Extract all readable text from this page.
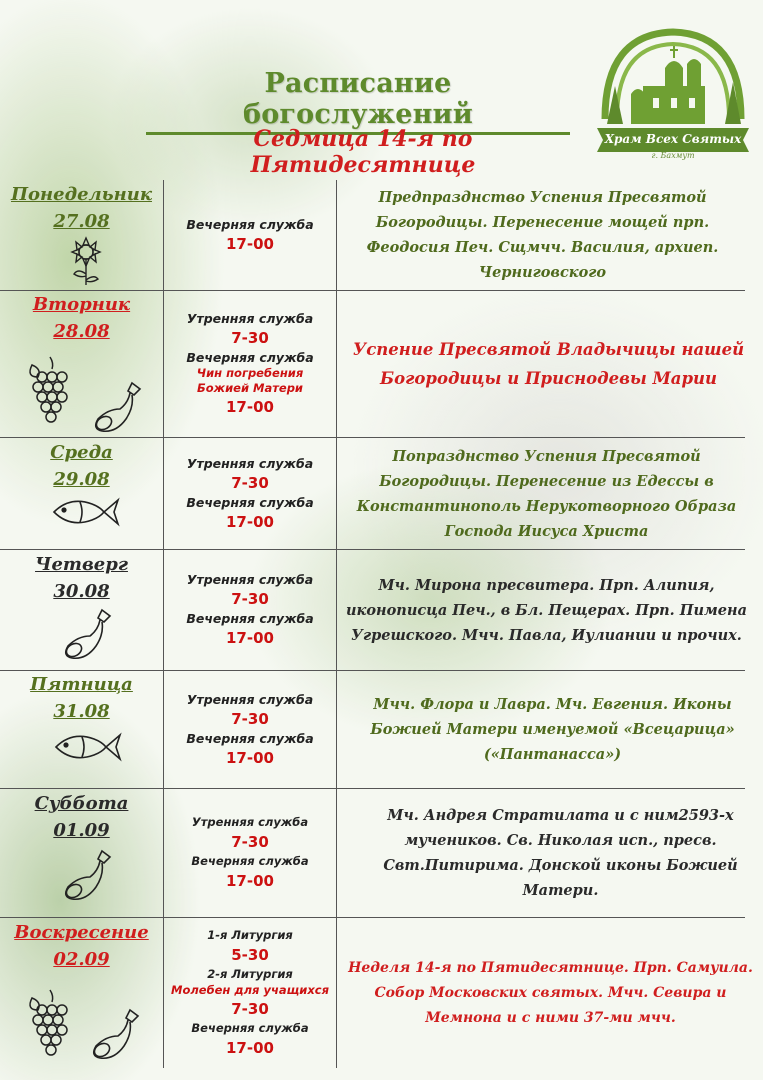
Расписание богослужений
Седмица 14-я по Пятидесятнице
Храм Всех Святых
г. Бахмут
Понедельник
27.08	Вечерняя служба
17-00
Предпразднство Успения Пресвятой Богородицы. Перенесение мощей прп. Феодосия Печ. Сщмчч. Василия, архиеп. Черниговского
Вторник
28.08
Утренняя служба
7-30
Вечерняя служба
Чин погребения Божией Матери
17-00
Успение Пресвятой Владычицы нашей Богородицы и Приснодевы Марии
Среда
29.08
Утренняя служба
7-30
Вечерняя служба
17-00
Попразднство Успения Пресвятой Богородицы. Перенесение из Едессы в Константинополь Нерукотворного Образа Господа Иисуса Христа
Четверг
30.08
Утренняя служба
7-30
Вечерняя служба
17-00
Мч. Мирона пресвитера. Прп. Алипия, иконописца Печ., в Бл. Пещерах. Прп. Пимена Угрешского. Мчч. Павла, Иулиании и прочих.
Пятница
31.08
Утренняя служба
7-30
Вечерняя служба
17-00
Мчч. Флора и Лавра. Мч. Евгения. Иконы Божией Матери именуемой «Всецарица» («Пантанасса»)
Суббота
01.09	Утренняя служба
7-30
Вечерняя служба
17-00
Мч. Андрея Стратилата и с ним2593-х мучеников. Св. Николая исп., пресв. Свт.Питирима. Донской иконы Божией Матери.
Воскресение
02.09
1-я Литургия
5-30
2-я Литургия
Молебен для учащихся
7-30
Вечерняя служба
17-00
Неделя 14-я по Пятидесятнице. Прп. Самуила. Собор Московских святых. Мчч. Севира и Мемнона и с ними 37-ми мчч.
